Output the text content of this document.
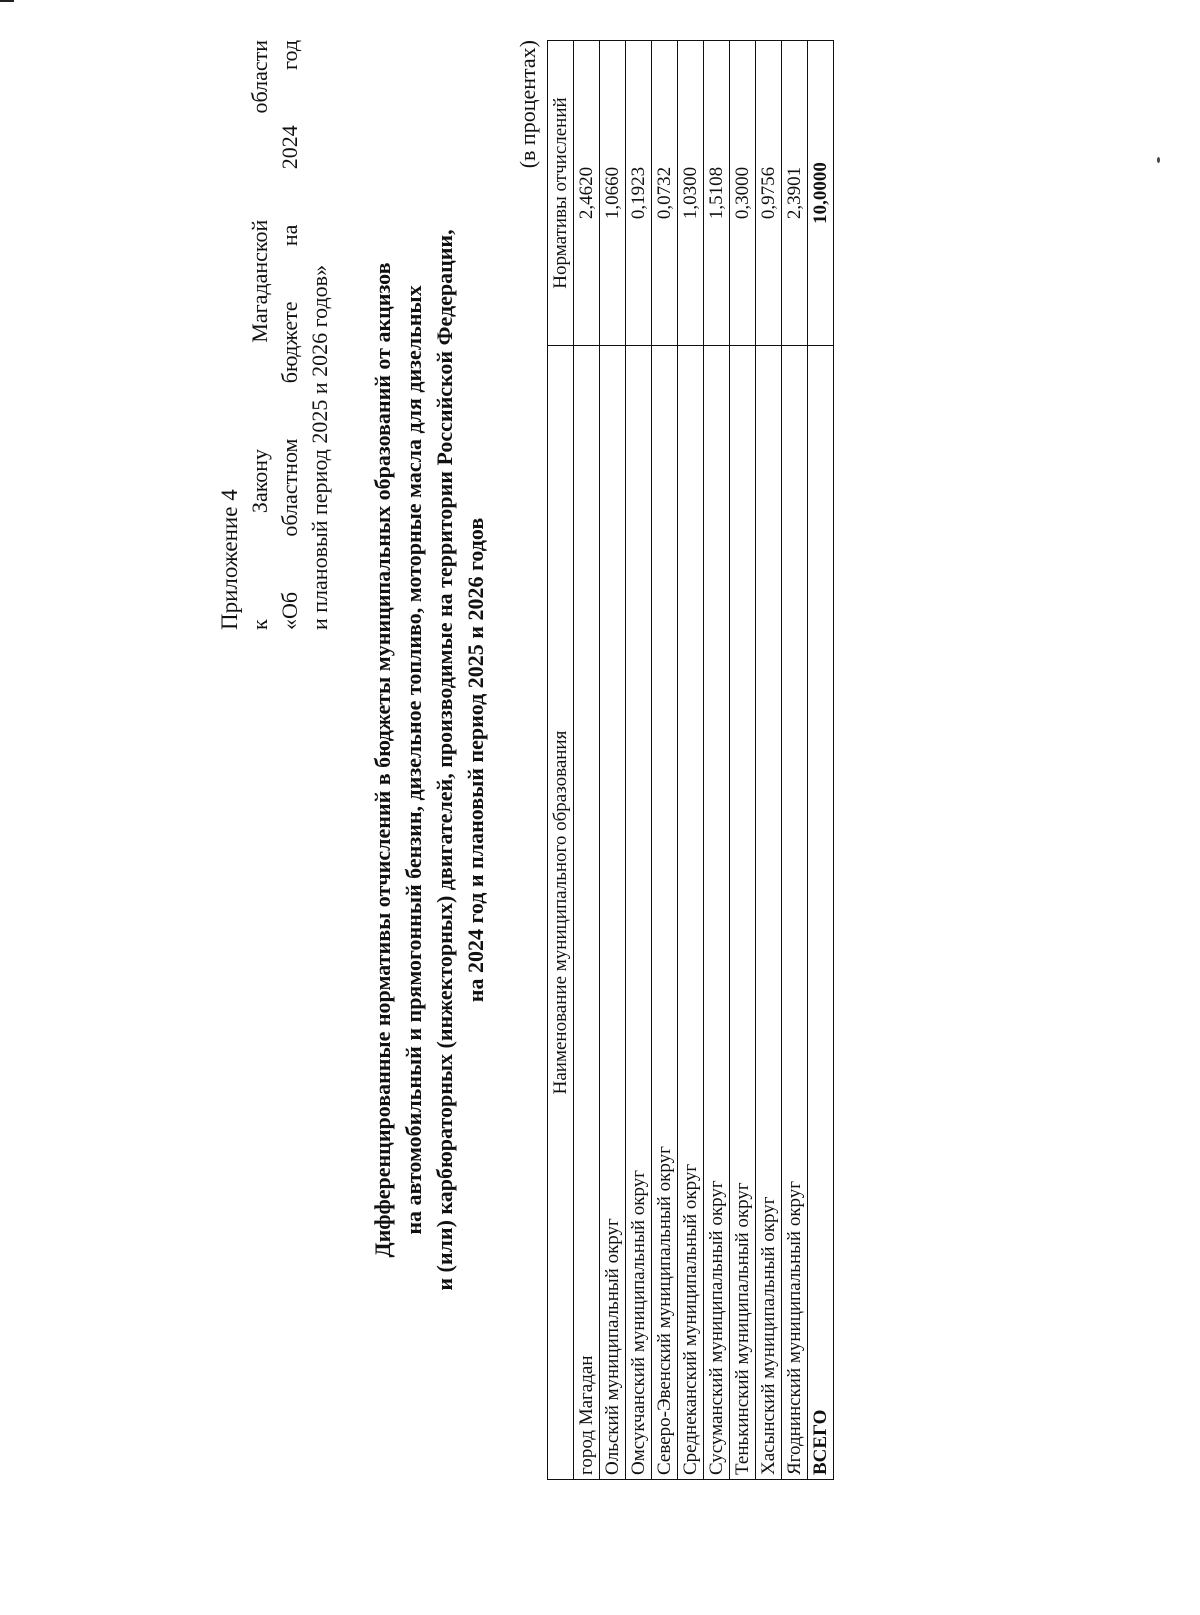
Приложение 4 к Закону Магаданской области
«Об областном бюджете на 2024 год
и плановый период 2025 и 2026 годов» Дифференцированные нормативы отчислений в бюджеты муниципальных образований от акцизов на автомобильный и прямогонный бензин, дизельное топливо, моторные масла для дизельных и (или) карбюраторных (инжекторных) двигателей, производимые на территории Российской Федерации, на 2024 год и плановый период 2025 и 2026 годов
(в процентах)
Наименование муниципального образования	Нормативы отчислений
город Магадан	2,4620
Ольский муниципальный округ	1,0660
Омсукчанский муниципальный округ	0,1923
Северо-Эвенский муниципальный округ	0,0732
Среднеканский муниципальный округ	1,0300
Сусуманский муниципальный округ	1,5108
Тенькинский муниципальный округ	0,3000
Хасынский муниципальный округ	0,9756
Ягоднинский муниципальный округ	2,3901
ВСЕГО	10,0000
